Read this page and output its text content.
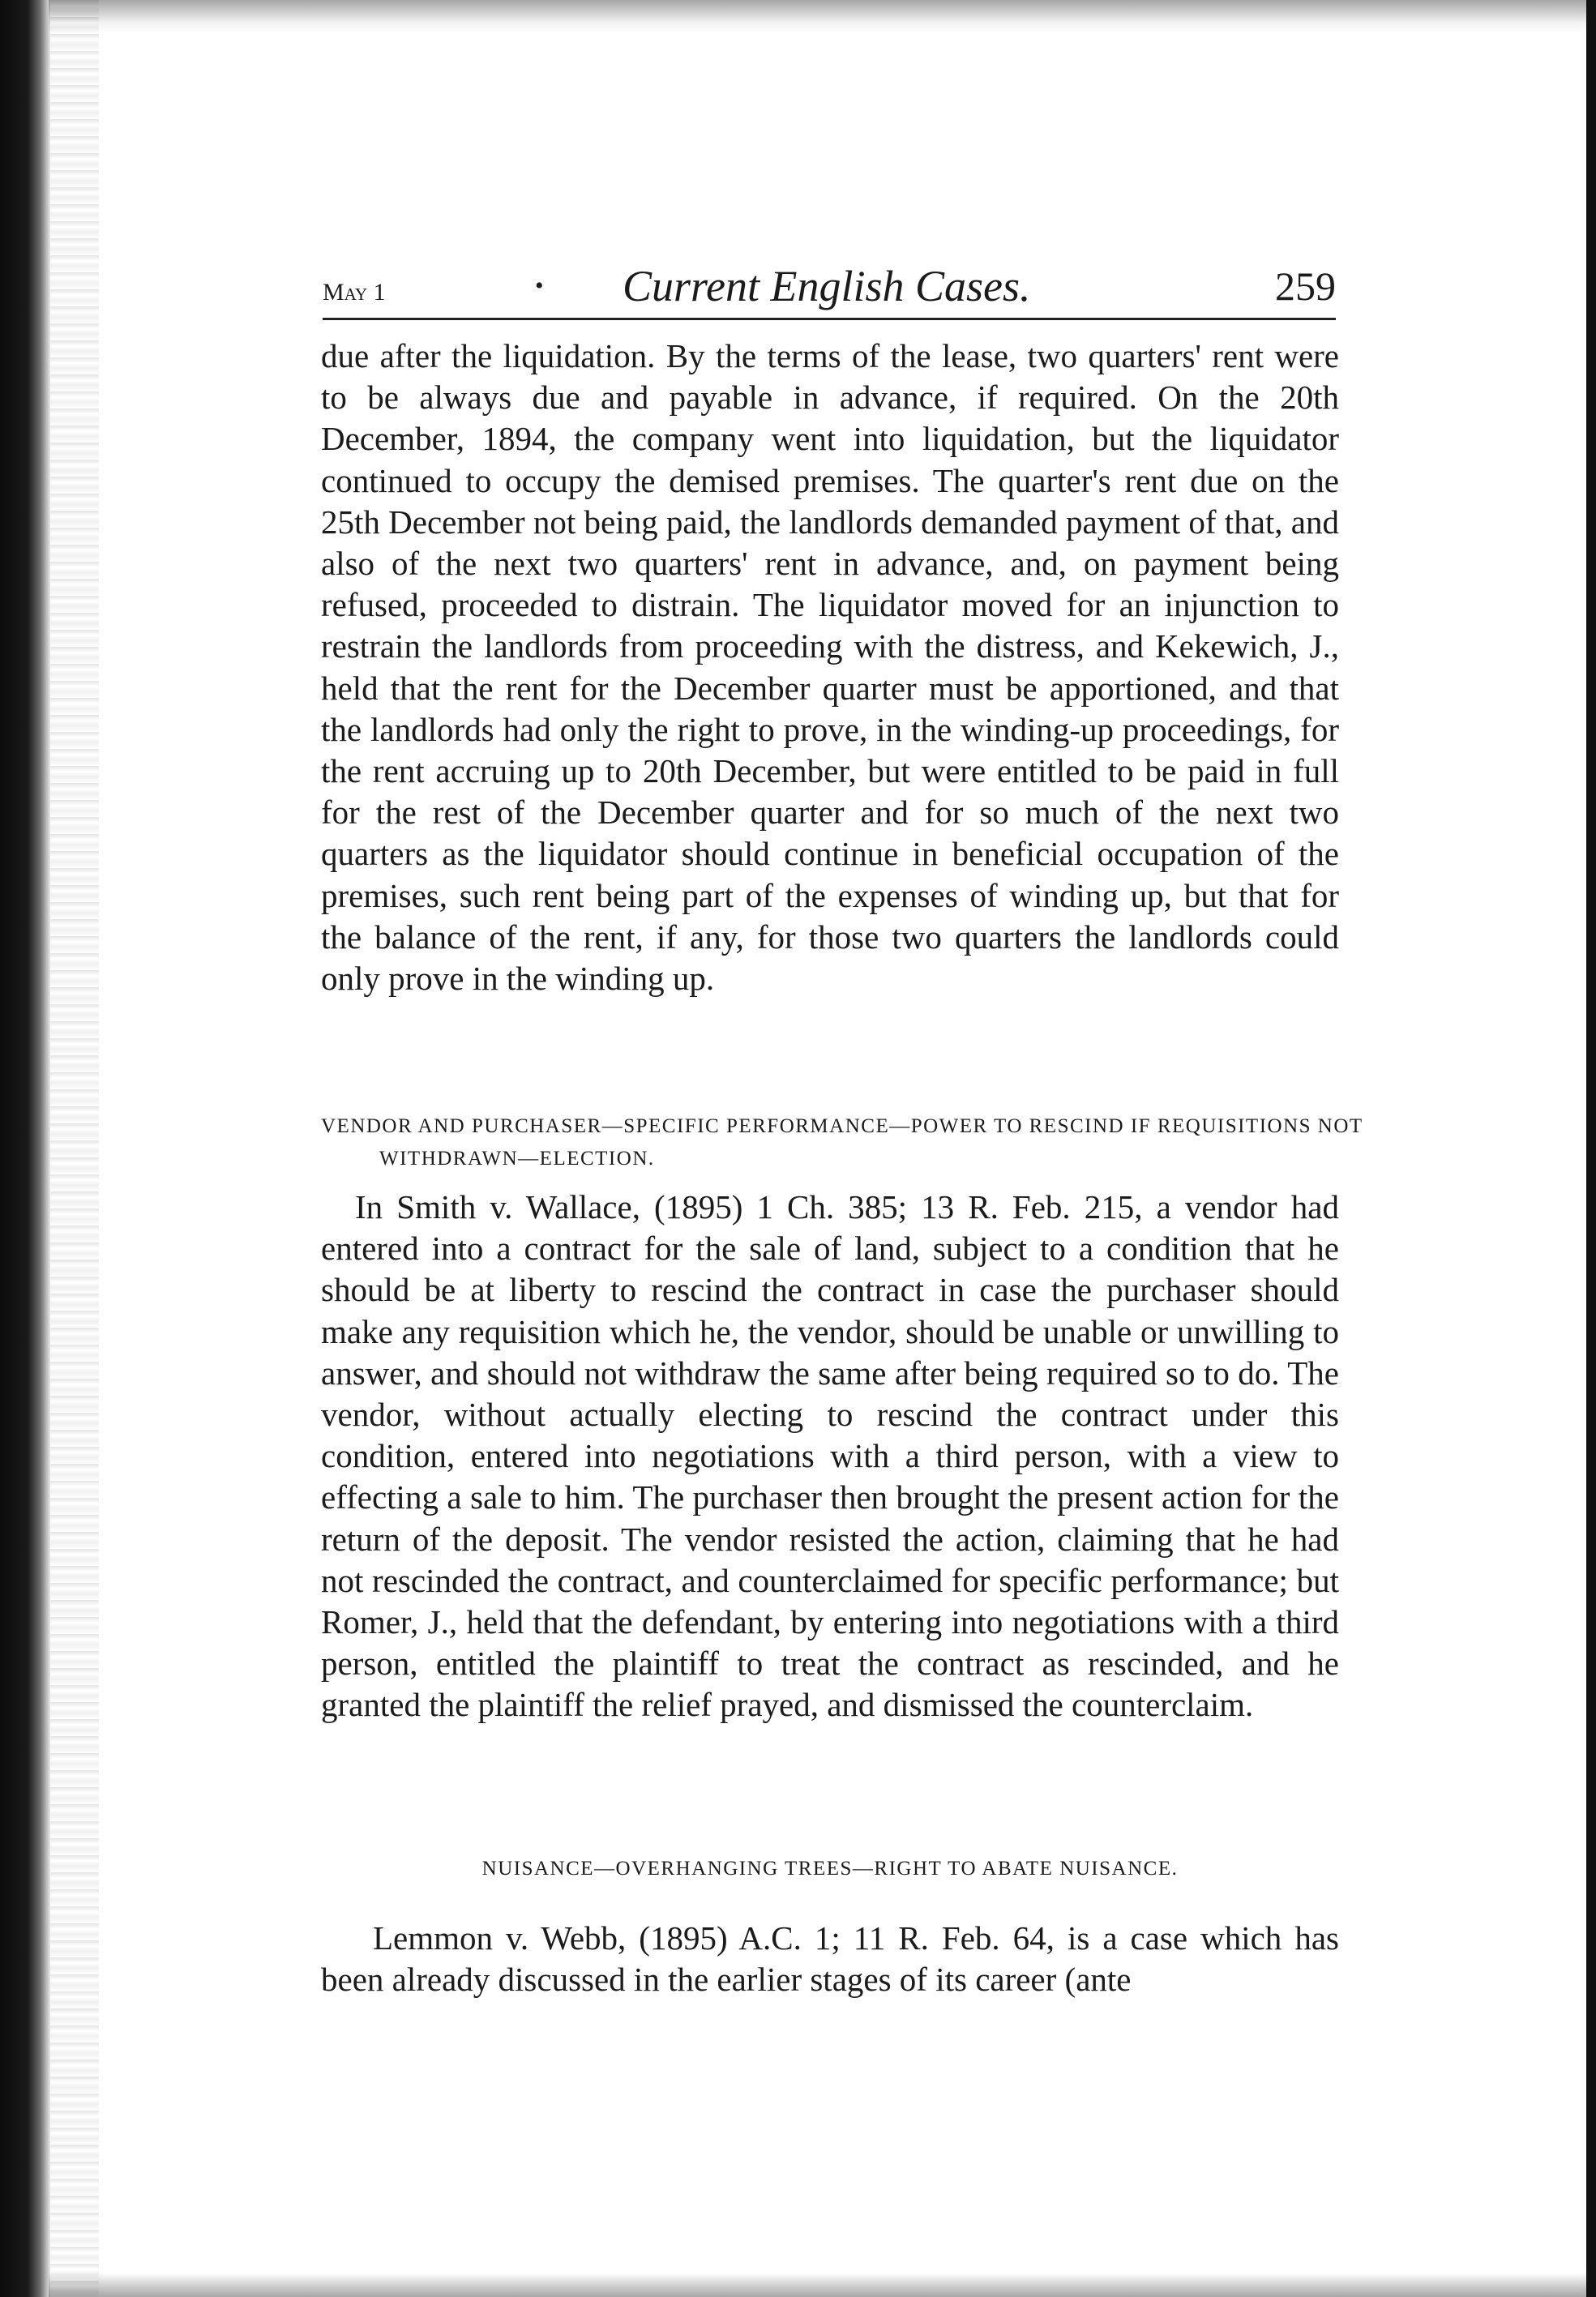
May 1	• Current English Cases.	259

due after the liquidation. By the terms of the lease, two quarters' rent were to be always due and payable in advance, if required. On the 20th December, 1894, the company went into liquidation, but the liquidator continued to occupy the demised premises. The quarter's rent due on the 25th December not being paid, the landlords demanded payment of that, and also of the next two quarters' rent in advance, and, on payment being refused, proceeded to distrain. The liquidator moved for an injunction to restrain the landlords from proceeding with the distress, and Kekewich, J., held that the rent for the December quarter must be apportioned, and that the landlords had only the right to prove, in the winding-up proceedings, for the rent accruing up to 20th December, but were entitled to be paid in full for the rest of the December quarter and for so much of the next two quarters as the liquidator should continue in beneficial occupation of the premises, such rent being part of the expenses of winding up, but that for the balance of the rent, if any, for those two quarters the landlords could only prove in the winding up.

VENDOR AND PURCHASER—SPECIFIC PERFORMANCE—POWER TO RESCIND IF REQUISITIONS NOT WITHDRAWN—ELECTION.

In Smith v. Wallace, (1895) 1 Ch. 385; 13 R. Feb. 215, a vendor had entered into a contract for the sale of land, subject to a condition that he should be at liberty to rescind the contract in case the purchaser should make any requisition which he, the vendor, should be unable or unwilling to answer, and should not withdraw the same after being required so to do. The vendor, without actually electing to rescind the contract under this condition, entered into negotiations with a third person, with a view to effecting a sale to him. The purchaser then brought the present action for the return of the deposit. The vendor resisted the action, claiming that he had not rescinded the contract, and counterclaimed for specific performance; but Romer, J., held that the defendant, by entering into negotiations with a third person, entitled the plaintiff to treat the contract as rescinded, and he granted the plaintiff the relief prayed, and dismissed the counterclaim.

NUISANCE—OVERHANGING TREES—RIGHT TO ABATE NUISANCE.

Lemmon v. Webb, (1895) A.C. 1; 11 R. Feb. 64, is a case which has been already discussed in the earlier stages of its career (ante
